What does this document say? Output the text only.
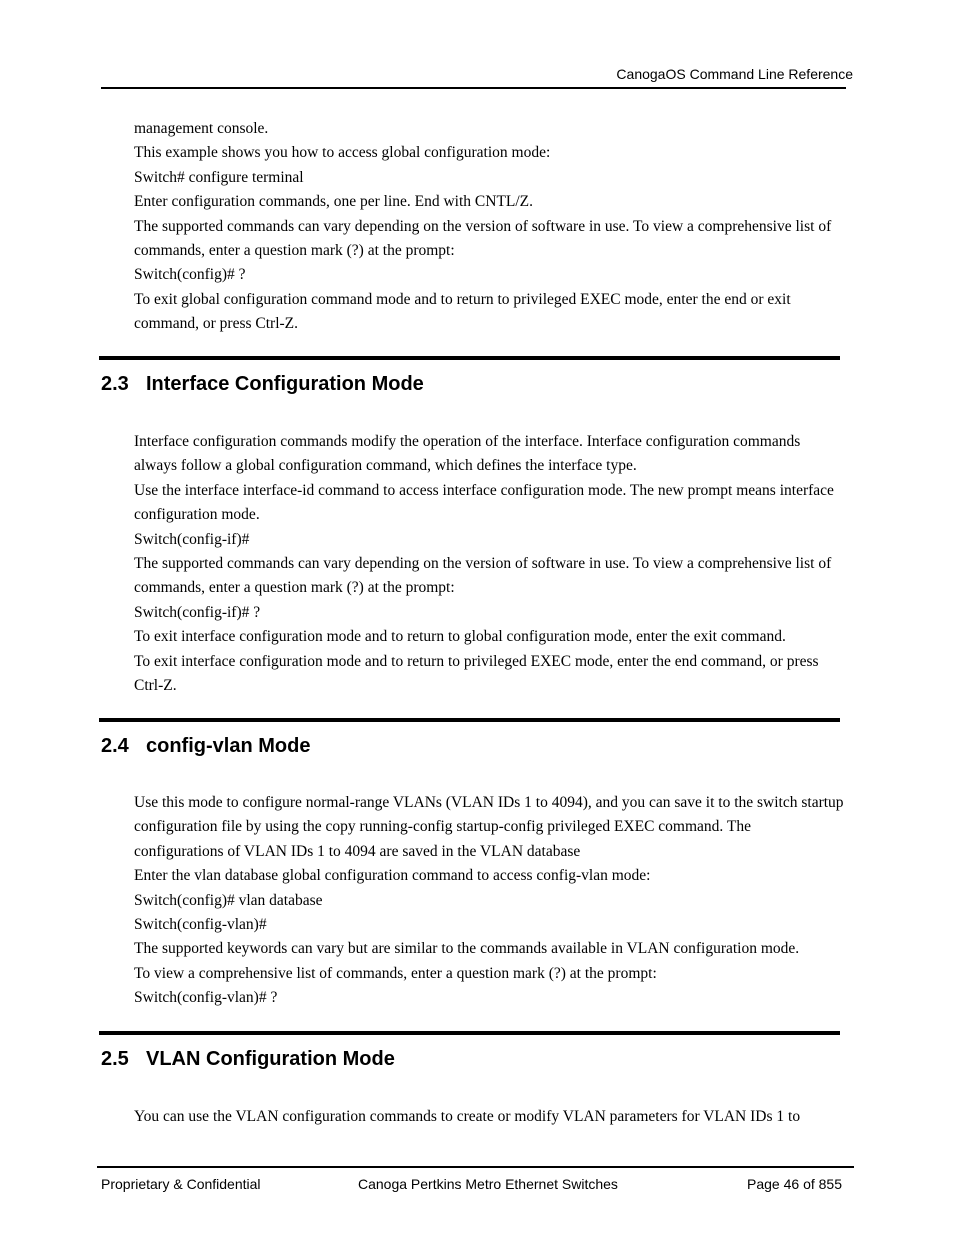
CanogaOS Command Line Reference

management console.

This example shows you how to access global configuration mode:

Switch# configure terminal

Enter configuration commands, one per line. End with CNTL/Z.

The supported commands can vary depending on the version of software in use. To view a comprehensive list of commands, enter a question mark (?) at the prompt:

Switch(config)# ?

To exit global configuration command mode and to return to privileged EXEC mode, enter the end or exit command, or press Ctrl-Z.

2.3 Interface Configuration Mode

Interface configuration commands modify the operation of the interface. Interface configuration commands always follow a global configuration command, which defines the interface type.

Use the interface interface-id command to access interface configuration mode. The new prompt means interface configuration mode.

Switch(config-if)#

The supported commands can vary depending on the version of software in use. To view a comprehensive list of commands, enter a question mark (?) at the prompt:

Switch(config-if)# ?

To exit interface configuration mode and to return to global configuration mode, enter the exit command.

To exit interface configuration mode and to return to privileged EXEC mode, enter the end command, or press Ctrl-Z.

2.4 config-vlan Mode

Use this mode to configure normal-range VLANs (VLAN IDs 1 to 4094), and you can save it to the switch startup configuration file by using the copy running-config startup-config privileged EXEC command. The configurations of VLAN IDs 1 to 4094 are saved in the VLAN database

Enter the vlan database global configuration command to access config-vlan mode:

Switch(config)# vlan database

Switch(config-vlan)#

The supported keywords can vary but are similar to the commands available in VLAN configuration mode.

To view a comprehensive list of commands, enter a question mark (?) at the prompt:

Switch(config-vlan)# ?

2.5 VLAN Configuration Mode

You can use the VLAN configuration commands to create or modify VLAN parameters for VLAN IDs 1 to

Proprietary & Confidential	Canoga Pertkins Metro Ethernet Switches	Page 46 of 855
